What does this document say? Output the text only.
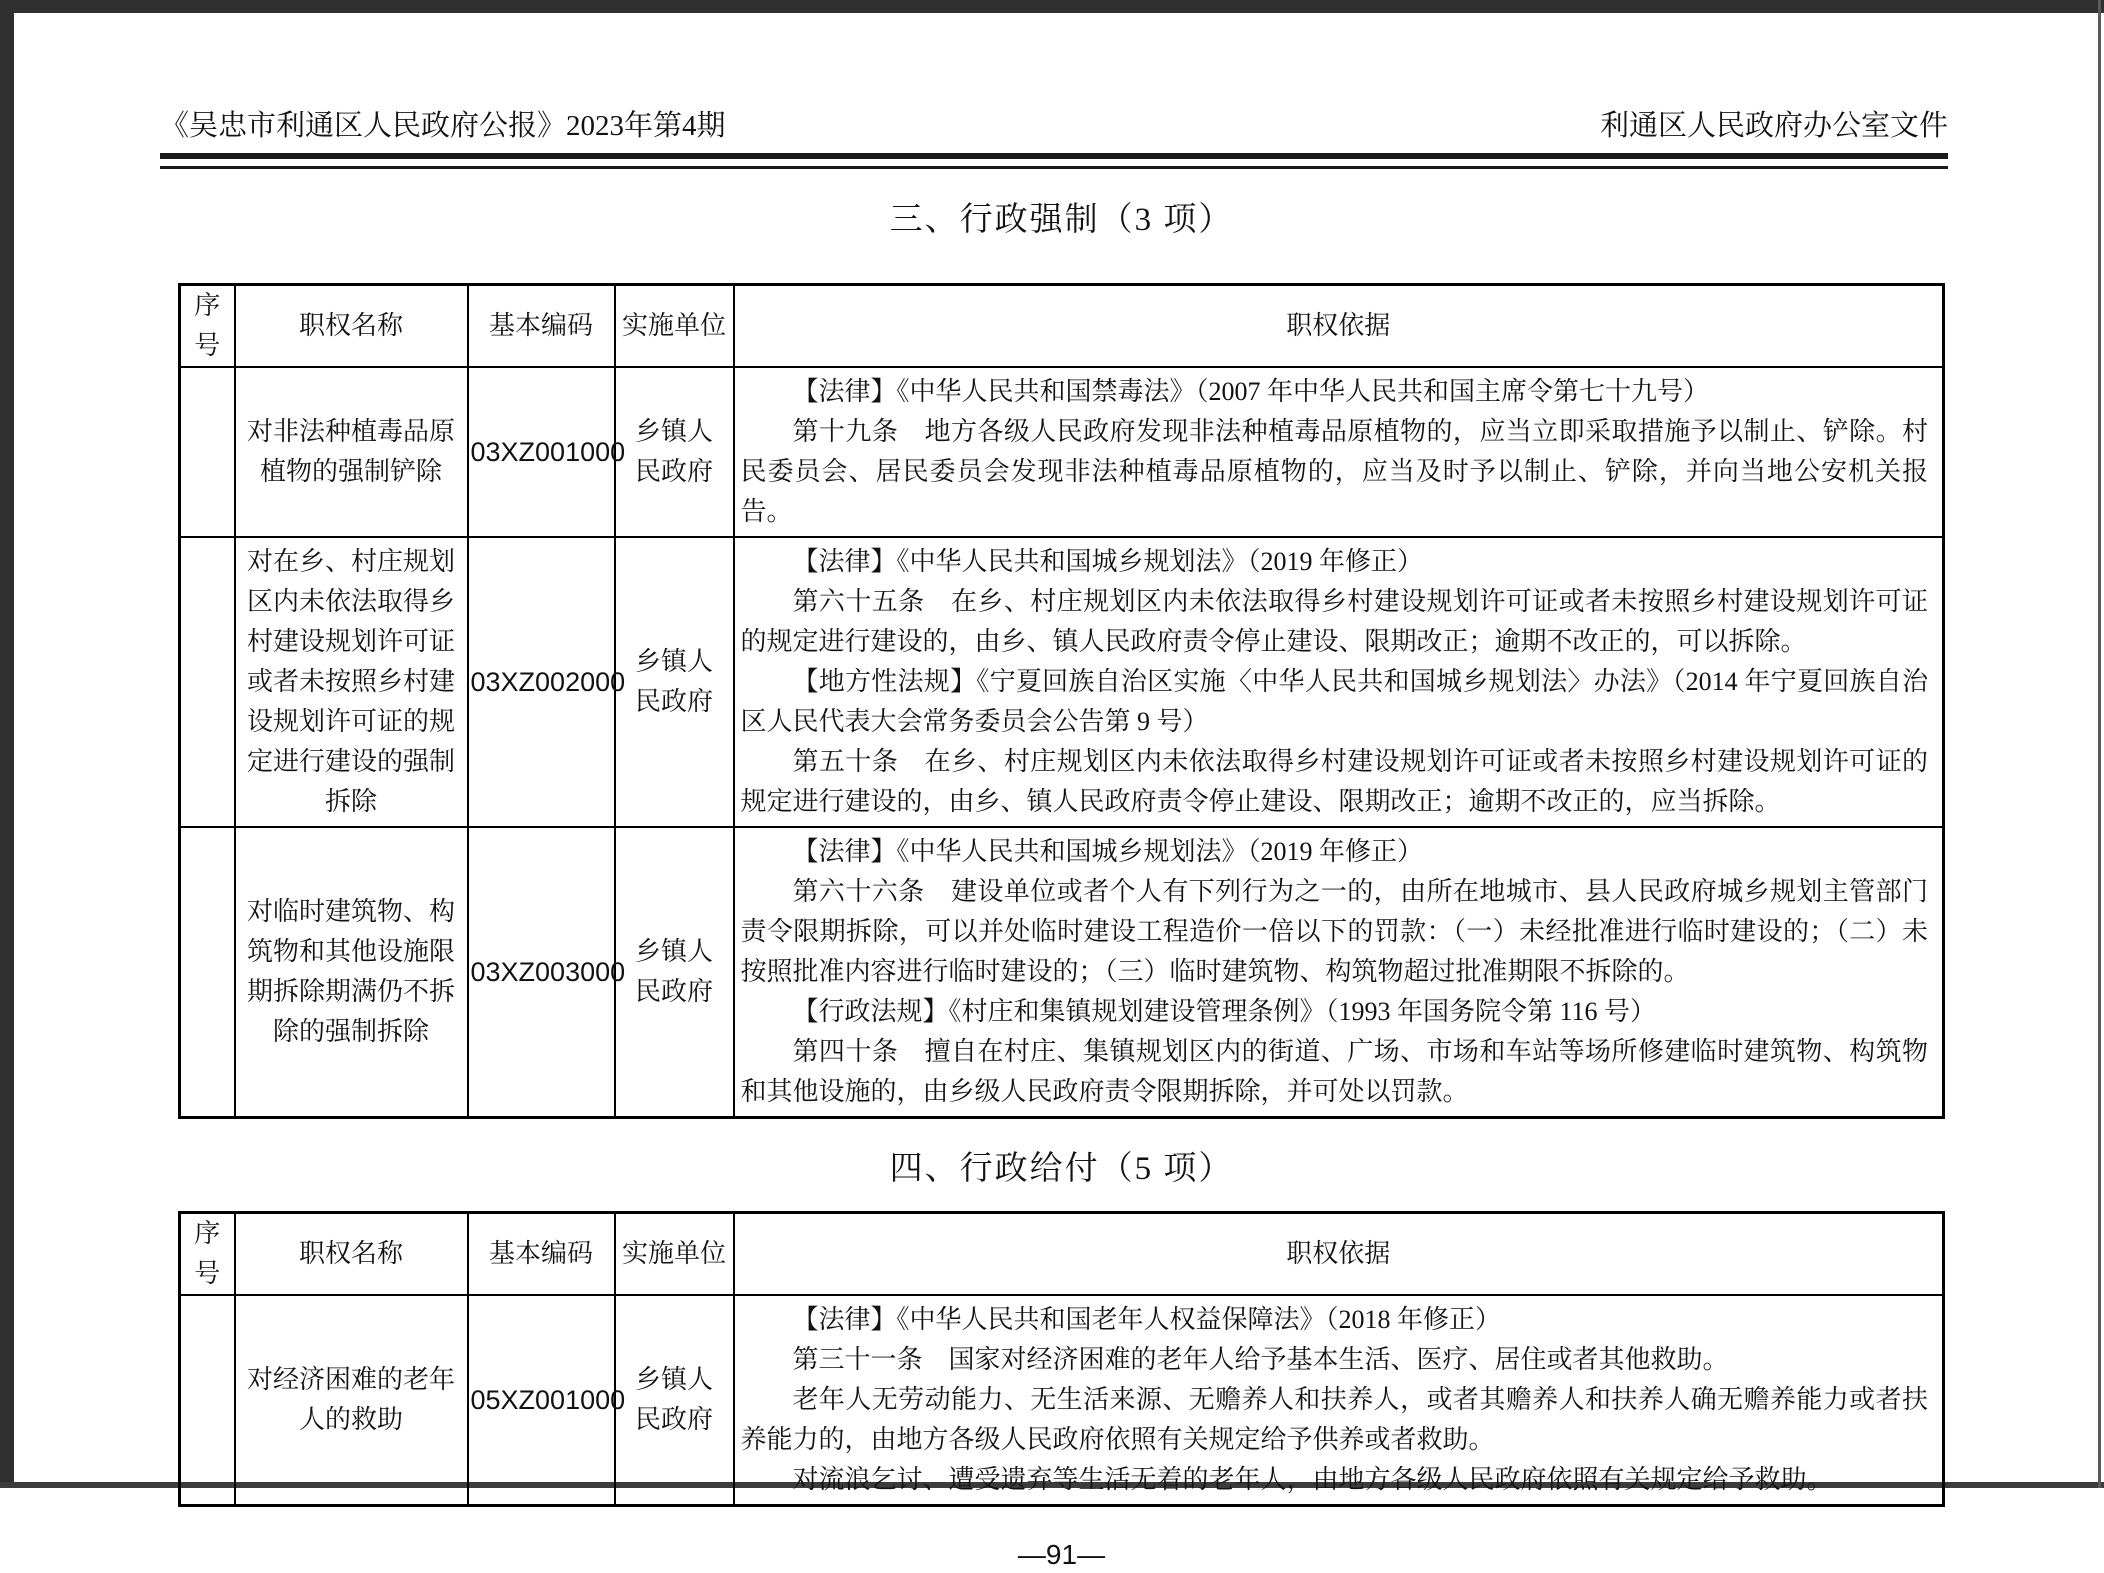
《吴忠市利通区人民政府公报》2023年第4期	利通区人民政府办公室文件
三、行政强制（3 项）
序号	职权名称	基本编码	实施单位	职权依据
	对非法种植毒品原植物的强制铲除	03XZ001000	乡镇人民政府	【法律】《中华人民共和国禁毒法》（2007 年中华人民共和国主席令第七十九号）

第十九条　地方各级人民政府发现非法种植毒品原植物的，应当立即采取措施予以制止、铲除。村民委员会、居民委员会发现非法种植毒品原植物的，应当及时予以制止、铲除，并向当地公安机关报告。

	对在乡、村庄规划区内未依法取得乡村建设规划许可证或者未按照乡村建设规划许可证的规定进行建设的强制拆除	03XZ002000	乡镇人民政府	【法律】《中华人民共和国城乡规划法》（2019 年修正）

第六十五条　在乡、村庄规划区内未依法取得乡村建设规划许可证或者未按照乡村建设规划许可证的规定进行建设的，由乡、镇人民政府责令停止建设、限期改正；逾期不改正的，可以拆除。

【地方性法规】《宁夏回族自治区实施〈中华人民共和国城乡规划法〉办法》（2014 年宁夏回族自治区人民代表大会常务委员会公告第 9 号）

第五十条　在乡、村庄规划区内未依法取得乡村建设规划许可证或者未按照乡村建设规划许可证的规定进行建设的，由乡、镇人民政府责令停止建设、限期改正；逾期不改正的，应当拆除。

	对临时建筑物、构筑物和其他设施限期拆除期满仍不拆除的强制拆除	03XZ003000	乡镇人民政府	【法律】《中华人民共和国城乡规划法》（2019 年修正）

第六十六条　建设单位或者个人有下列行为之一的，由所在地城市、县人民政府城乡规划主管部门责令限期拆除，可以并处临时建设工程造价一倍以下的罚款：（一）未经批准进行临时建设的；（二）未按照批准内容进行临时建设的；（三）临时建筑物、构筑物超过批准期限不拆除的。

【行政法规】《村庄和集镇规划建设管理条例》（1993 年国务院令第 116 号）

第四十条　擅自在村庄、集镇规划区内的街道、广场、市场和车站等场所修建临时建筑物、构筑物和其他设施的，由乡级人民政府责令限期拆除，并可处以罚款。

四、行政给付（5 项）
序号	职权名称	基本编码	实施单位	职权依据
	对经济困难的老年人的救助	05XZ001000	乡镇人民政府	【法律】《中华人民共和国老年人权益保障法》（2018 年修正）

第三十一条　国家对经济困难的老年人给予基本生活、医疗、居住或者其他救助。

老年人无劳动能力、无生活来源、无赡养人和扶养人，或者其赡养人和扶养人确无赡养能力或者扶养能力的，由地方各级人民政府依照有关规定给予供养或者救助。

对流浪乞讨、遭受遗弃等生活无着的老年人，由地方各级人民政府依照有关规定给予救助。

—91—
